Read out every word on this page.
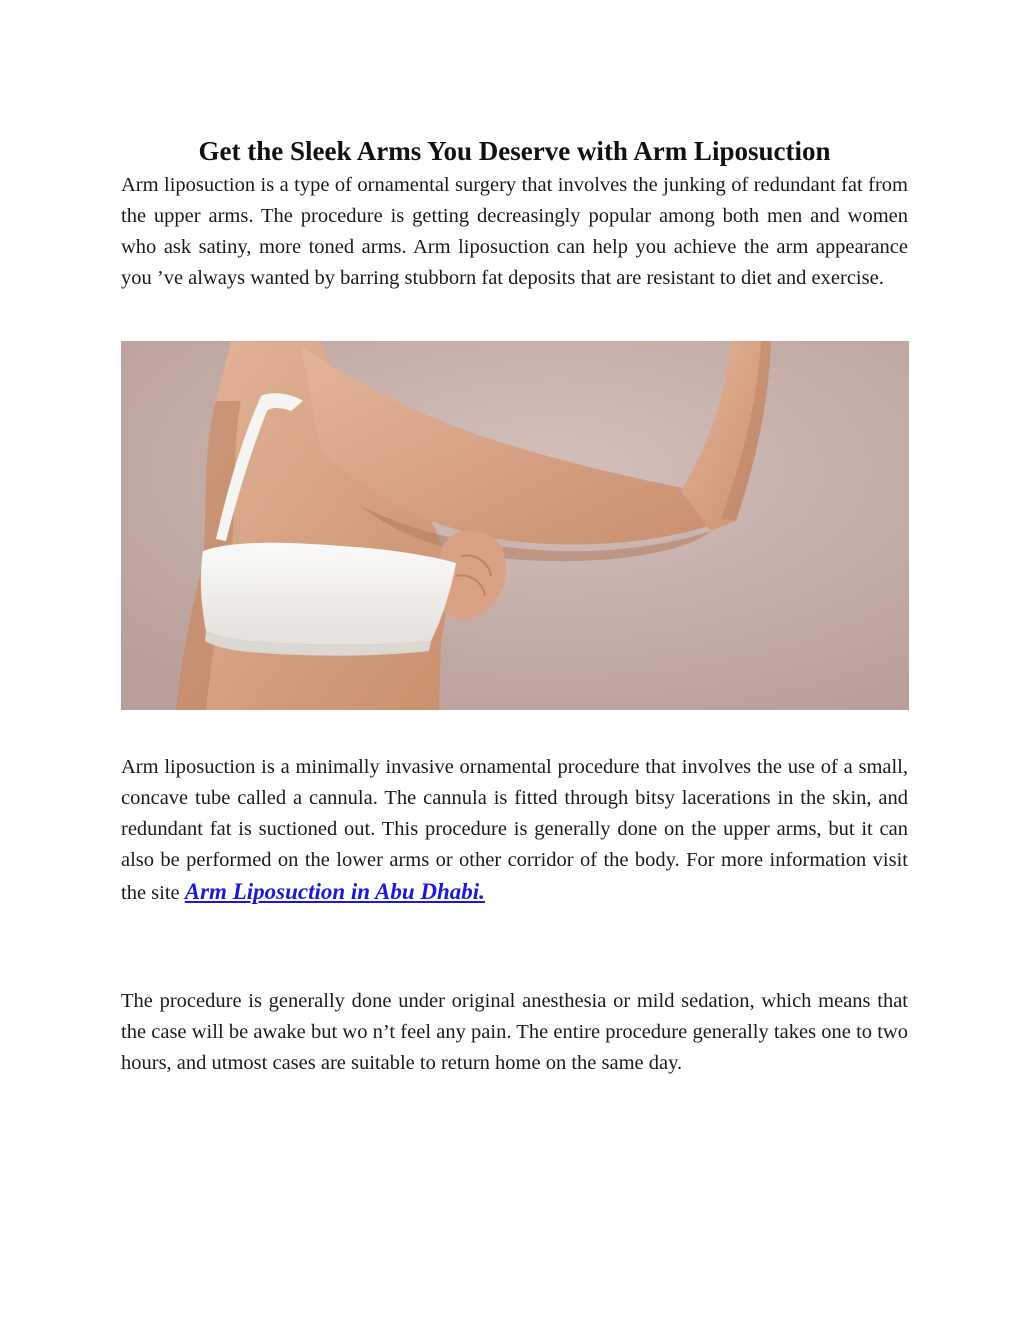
Get the Sleek Arms You Deserve with Arm Liposuction

Arm liposuction is a type of ornamental surgery that involves the junking of redundant fat from the upper arms. The procedure is getting decreasingly popular among both men and women who ask satiny, more toned arms. Arm liposuction can help you achieve the arm appearance you ’ve always wanted by barring stubborn fat deposits that are resistant to diet and exercise.

Arm liposuction is a minimally invasive ornamental procedure that involves the use of a small, concave tube called a cannula. The cannula is fitted through bitsy lacerations in the skin, and redundant fat is suctioned out. This procedure is generally done on the upper arms, but it can also be performed on the lower arms or other corridor of the body. For more information visit the site Arm Liposuction in Abu Dhabi.

The procedure is generally done under original anesthesia or mild sedation, which means that the case will be awake but wo n’t feel any pain. The entire procedure generally takes one to two hours, and utmost cases are suitable to return home on the same day.
